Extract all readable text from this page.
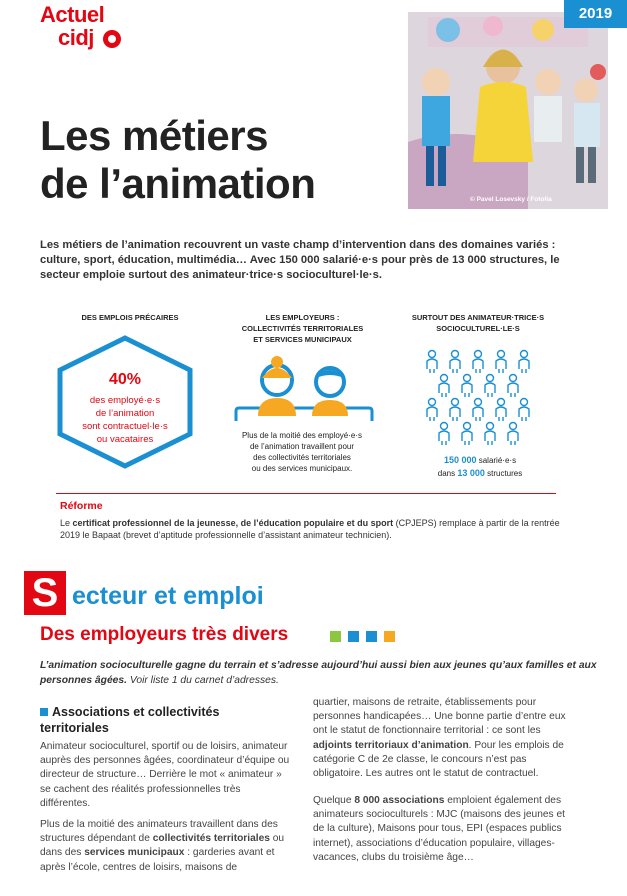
Actuel
cidj
2019
© Pavel Losevsky / Fotolia
Les métiers
de l’animation
Les métiers de l’animation recouvrent un vaste champ d’intervention dans des domaines variés : culture, sport, éducation, multimédia… Avec 150 000 salarié·e·s pour près de 13 000 structures, le secteur emploie surtout des animateur·trice·s socioculturel·le·s.
DES EMPLOIS PRÉCAIRES
40%
des employé·e·s
de l’animation
sont contractuel·le·s
ou vacataires
LES EMPLOYEURS :
COLLECTIVITÉS TERRITORIALES
ET SERVICES MUNICIPAUX
Plus de la moitié des employé·e·s
de l’animation travaillent pour
des collectivités territoriales
ou des services municipaux.
SURTOUT DES ANIMATEUR·TRICE·S
SOCIOCULTUREL·LE·S
150 000 salarié·e·s
dans 13 000 structures
Réforme
Le certificat professionnel de la jeunesse, de l’éducation populaire et du sport (CPJEPS) remplace à partir de la rentrée 2019 le Bapaat (brevet d’aptitude professionnelle d’assistant animateur technicien).
S ecteur et emploi
Des employeurs très divers
L’animation socioculturelle gagne du terrain et s’adresse aujourd’hui aussi bien aux jeunes qu’aux familles et aux personnes âgées. Voir liste 1 du carnet d’adresses.
Associations et collectivités
territoriales
Animateur socioculturel, sportif ou de loisirs, animateur auprès des personnes âgées, coordinateur d’équipe ou directeur de structure… Derrière le mot « animateur » se cachent des réalités professionnelles très différentes.
Plus de la moitié des animateurs travaillent dans des structures dépendant de collectivités territoriales ou dans des services municipaux : garderies avant et après l’école, centres de loisirs, maisons de
quartier, maisons de retraite, établissements pour personnes handicapées… Une bonne partie d’entre eux ont le statut de fonctionnaire territorial : ce sont les adjoints territoriaux d’animation. Pour les emplois de catégorie C de 2e classe, le concours n’est pas obligatoire. Les autres ont le statut de contractuel.
Quelque 8 000 associations emploient également des animateurs socioculturels : MJC (maisons des jeunes et de la culture), Maisons pour tous, EPI (espaces publics internet), associations d’éducation populaire, villages-vacances, clubs du troisième âge…
